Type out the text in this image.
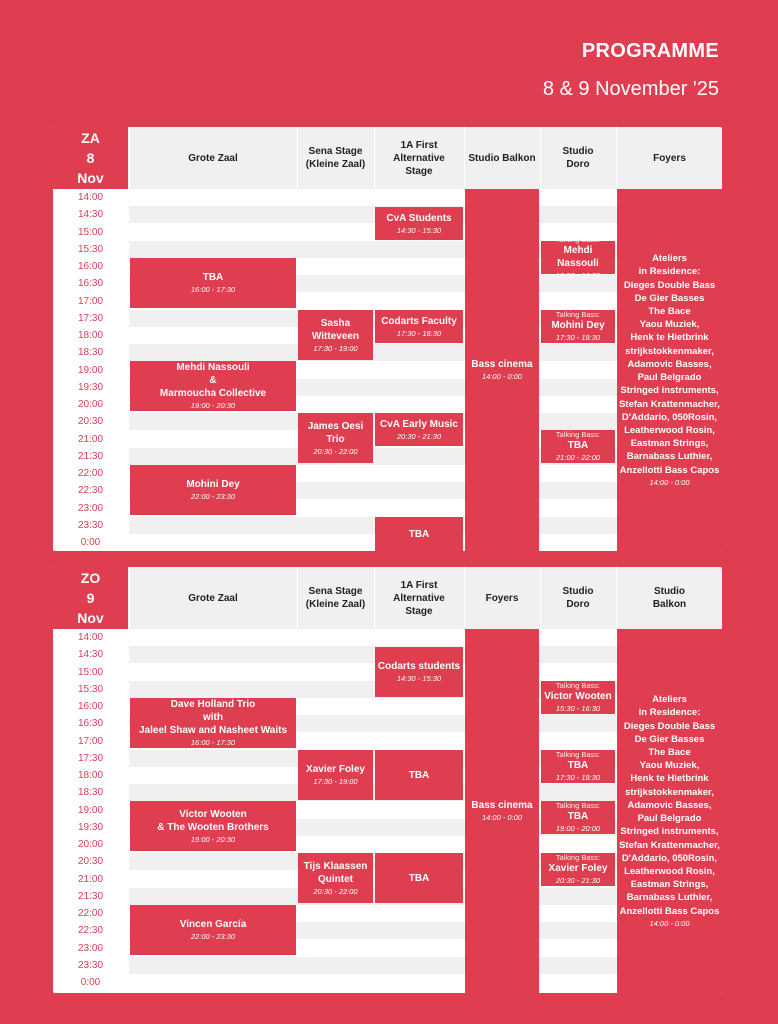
PROGRAMME
8 & 9 November '25
ZA
8
Nov
Grote Zaal
Sena Stage
(Kleine Zaal)
1A First
Alternative
Stage
Studio Balkon
Studio
Doro
Foyers
14:00
14:30
15:00
15:30
16:00
16:30
17:00
17:30
18:00
18:30
19:00
19:30
20:00
20:30
21:00
21:30
22:00
22:30
23:00
23:30
0:00
TBA
16:00 - 17:30
Mehdi Nassouli
&
Marmoucha Collective
19:00 - 20:30
Mohini Dey
22:00 - 23:30
Sasha
Witteveen
17:30 - 19:00
James Oesi
Trio
20:30 - 22:00
CvA Students
14:30 - 15:30
Codarts Faculty
17:30 - 18:30
CvA Early Music
20:30 - 21:30
TBA
Bass cinema
14:00 - 0:00
Talking Bass:
Mehdi Nassouli
15:30 - 16:30
Talking Bass:
Mohini Dey
17:30 - 18:30
Talking Bass:
TBA
21:00 - 22:00
Ateliers
in Residence:
Dieges Double Bass
De Gier Basses
The Bace
Yaou Muziek,
Henk te Hietbrink
strijkstokkenmaker,
Adamovic Basses,
Paul Belgrado
Stringed instruments,
Stefan Krattenmacher,
D'Addario, 050Rosin,
Leatherwood Rosin,
Eastman Strings,
Barnabass Luthier,
Anzellotti Bass Capos
14:00 - 0:00
ZO
9
Nov
Grote Zaal
Sena Stage
(Kleine Zaal)
1A First
Alternative
Stage
Foyers
Studio
Doro
Studio
Balkon
14:00
14:30
15:00
15:30
16:00
16:30
17:00
17:30
18:00
18:30
19:00
19:30
20:00
20:30
21:00
21:30
22:00
22:30
23:00
23:30
0:00
Dave Holland Trio
with
Jaleel Shaw and Nasheet Waits
16:00 - 17:30
Victor Wooten
& The Wooten Brothers
19:00 - 20:30
Vincen García
22:00 - 23:30
Xavier Foley
17:30 - 19:00
Tijs Klaassen
Quintet
20:30 - 22:00
Codarts students
14:30 - 15:30
TBA
TBA
Bass cinema
14:00 - 0:00
Talking Bass:
Victor Wooten
15:30 - 16:30
Talking Bass:
TBA
17:30 - 18:30
Talking Bass:
TBA
19:00 - 20:00
Talking Bass:
Xavier Foley
20:30 - 21:30
Ateliers
in Residence:
Dieges Double Bass
De Gier Basses
The Bace
Yaou Muziek,
Henk te Hietbrink
strijkstokkenmaker,
Adamovic Basses,
Paul Belgrado
Stringed instruments,
Stefan Krattenmacher,
D'Addario, 050Rosin,
Leatherwood Rosin,
Eastman Strings,
Barnabass Luthier,
Anzellotti Bass Capos
14:00 - 0:00
